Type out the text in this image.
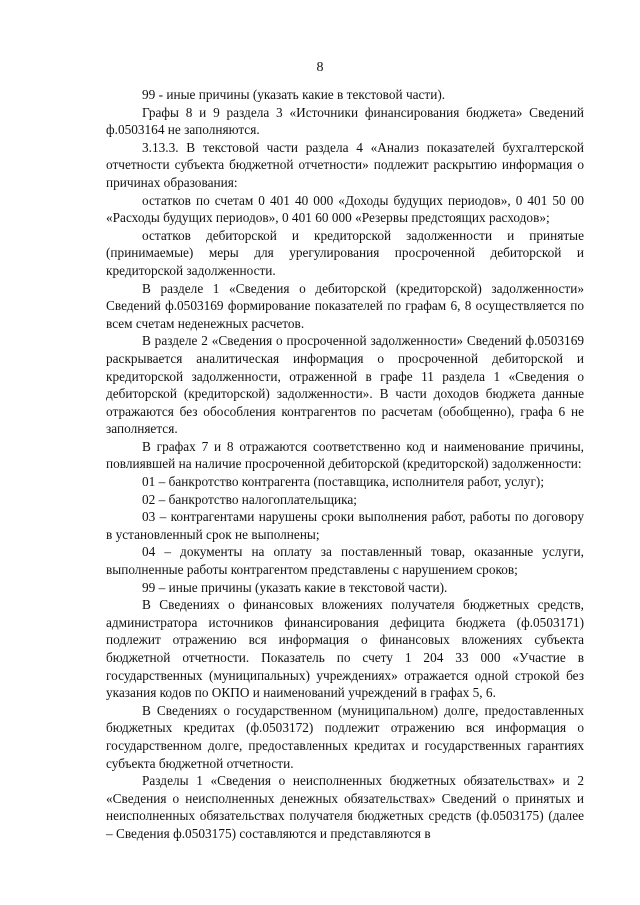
8

99 - иные причины (указать какие в текстовой части).

Графы 8 и 9 раздела 3 «Источники финансирования бюджета» Сведений ф.0503164 не заполняются.

3.13.3. В текстовой части раздела 4 «Анализ показателей бухгалтерской отчетности субъекта бюджетной отчетности» подлежит раскрытию информация о причинах образования:

остатков по счетам 0 401 40 000 «Доходы будущих периодов», 0 401 50 00 «Расходы будущих периодов», 0 401 60 000 «Резервы предстоящих расходов»;

остатков дебиторской и кредиторской задолженности и принятые (принимаемые) меры для урегулирования просроченной дебиторской и кредиторской задолженности.

В разделе 1 «Сведения о дебиторской (кредиторской) задолженности» Сведений ф.0503169 формирование показателей по графам 6, 8 осуществляется по всем счетам неденежных расчетов.

В разделе 2 «Сведения о просроченной задолженности» Сведений ф.0503169 раскрывается аналитическая информация о просроченной дебиторской и кредиторской задолженности, отраженной в графе 11 раздела 1 «Сведения о дебиторской (кредиторской) задолженности». В части доходов бюджета данные отражаются без обособления контрагентов по расчетам (обобщенно), графа 6 не заполняется.

В графах 7 и 8 отражаются соответственно код и наименование причины, повлиявшей на наличие просроченной дебиторской (кредиторской) задолженности:

01 – банкротство контрагента (поставщика, исполнителя работ, услуг);

02 – банкротство налогоплательщика;

03 – контрагентами нарушены сроки выполнения работ, работы по договору в установленный срок не выполнены;

04 – документы на оплату за поставленный товар, оказанные услуги, выполненные работы контрагентом представлены с нарушением сроков;

99 – иные причины (указать какие в текстовой части).

В Сведениях о финансовых вложениях получателя бюджетных средств, администратора источников финансирования дефицита бюджета (ф.0503171) подлежит отражению вся информация о финансовых вложениях субъекта бюджетной отчетности. Показатель по счету 1 204 33 000 «Участие в государственных (муниципальных) учреждениях» отражается одной строкой без указания кодов по ОКПО и наименований учреждений в графах 5, 6.

В Сведениях о государственном (муниципальном) долге, предоставленных бюджетных кредитах (ф.0503172) подлежит отражению вся информация о государственном долге, предоставленных кредитах и государственных гарантиях субъекта бюджетной отчетности.

Разделы 1 «Сведения о неисполненных бюджетных обязательствах» и 2 «Сведения о неисполненных денежных обязательствах» Сведений о принятых и неисполненных обязательствах получателя бюджетных средств (ф.0503175) (далее – Сведения ф.0503175) составляются и представляются в
